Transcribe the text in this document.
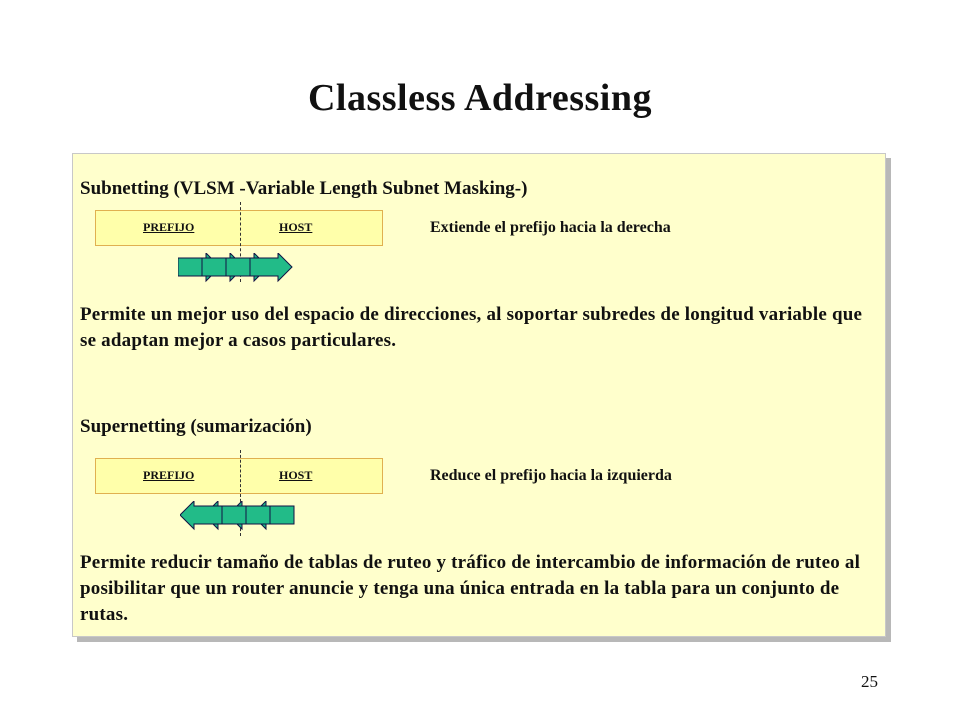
Classless Addressing
Subnetting (VLSM -Variable Length Subnet Masking-)
PREFIJO	HOST	Extiende el prefijo hacia la derecha
Permite un mejor uso del espacio de direcciones, al soportar subredes de longitud variable que se adaptan mejor a casos particulares.
Supernetting (sumarización)
PREFIJO	HOST	Reduce el prefijo hacia la izquierda
Permite reducir tamaño de tablas de ruteo y tráfico de intercambio de información de ruteo al posibilitar que un router anuncie y tenga una única entrada en la tabla para un conjunto de rutas.
25
